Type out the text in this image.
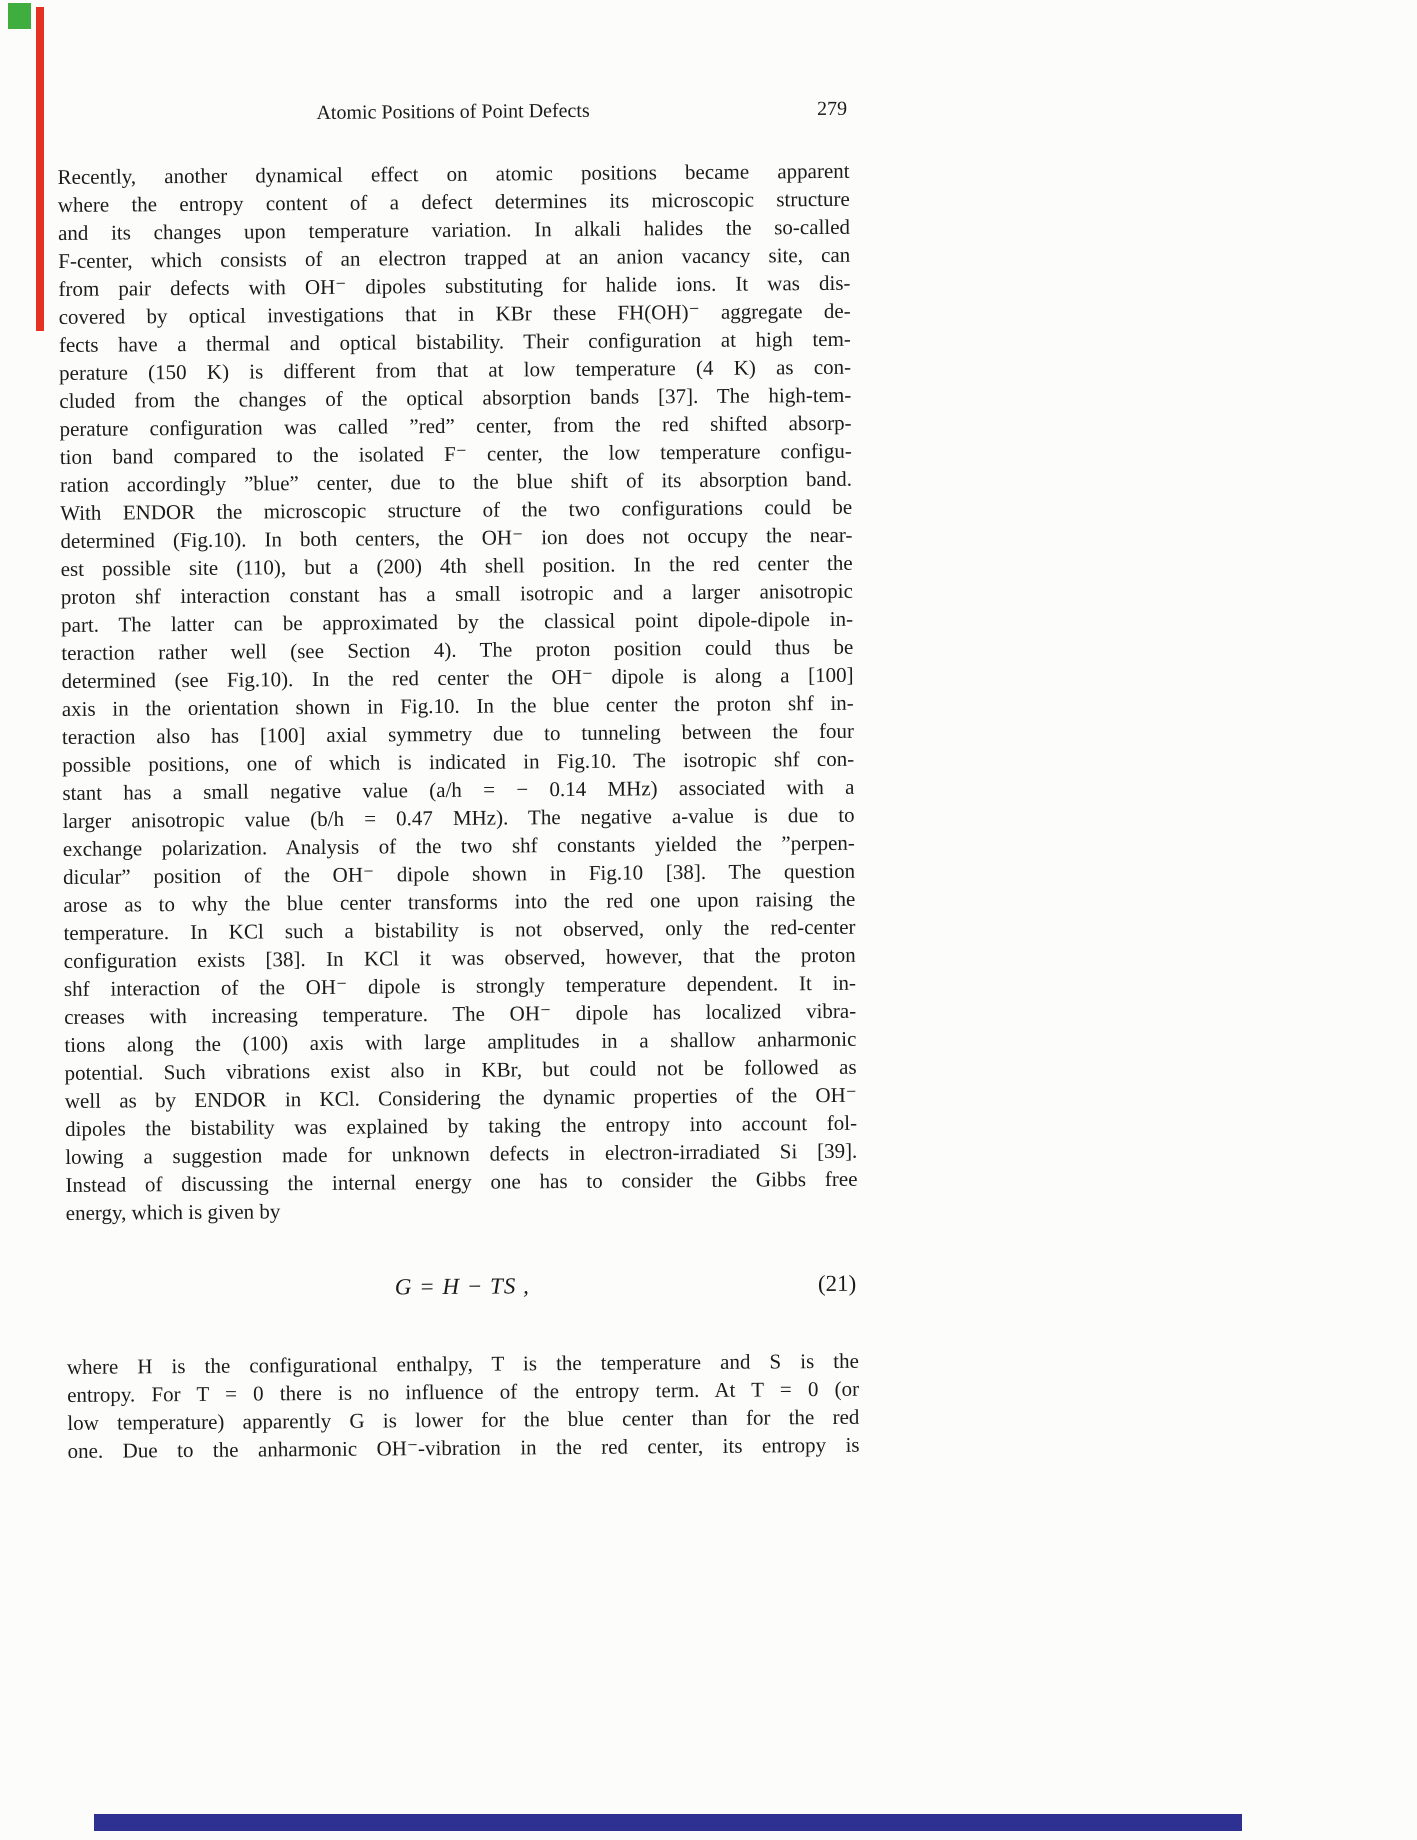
Atomic Positions of Point Defects	279
Recently, another dynamical effect on atomic positions became apparent
where the entropy content of a defect determines its microscopic structure
and its changes upon temperature variation. In alkali halides the so-called
F-center, which consists of an electron trapped at an anion vacancy site, can
from pair defects with OH⁻ dipoles substituting for halide ions. It was dis-
covered by optical investigations that in KBr these FH(OH)⁻ aggregate de-
fects have a thermal and optical bistability. Their configuration at high tem-
perature (150 K) is different from that at low temperature (4 K) as con-
cluded from the changes of the optical absorption bands [37]. The high-tem-
perature configuration was called ”red” center, from the red shifted absorp-
tion band compared to the isolated F⁻ center, the low temperature configu-
ration accordingly ”blue” center, due to the blue shift of its absorption band.
With ENDOR the microscopic structure of the two configurations could be
determined (Fig.10). In both centers, the OH⁻ ion does not occupy the near-
est possible site (110), but a (200) 4th shell position. In the red center the
proton shf interaction constant has a small isotropic and a larger anisotropic
part. The latter can be approximated by the classical point dipole-dipole in-
teraction rather well (see Section 4). The proton position could thus be
determined (see Fig.10). In the red center the OH⁻ dipole is along a [100]
axis in the orientation shown in Fig.10. In the blue center the proton shf in-
teraction also has [100] axial symmetry due to tunneling between the four
possible positions, one of which is indicated in Fig.10. The isotropic shf con-
stant has a small negative value (a/h = − 0.14 MHz) associated with a
larger anisotropic value (b/h = 0.47 MHz). The negative a-value is due to
exchange polarization. Analysis of the two shf constants yielded the ”perpen-
dicular” position of the OH⁻ dipole shown in Fig.10 [38]. The question
arose as to why the blue center transforms into the red one upon raising the
temperature. In KCl such a bistability is not observed, only the red-center
configuration exists [38]. In KCl it was observed, however, that the proton
shf interaction of the OH⁻ dipole is strongly temperature dependent. It in-
creases with increasing temperature. The OH⁻ dipole has localized vibra-
tions along the (100) axis with large amplitudes in a shallow anharmonic
potential. Such vibrations exist also in KBr, but could not be followed as
well as by ENDOR in KCl. Considering the dynamic properties of the OH⁻
dipoles the bistability was explained by taking the entropy into account fol-
lowing a suggestion made for unknown defects in electron-irradiated Si [39].
Instead of discussing the internal energy one has to consider the Gibbs free
energy, which is given by
G = H − TS ,	(21)
where H is the configurational enthalpy, T is the temperature and S is the
entropy. For T = 0 there is no influence of the entropy term. At T = 0 (or
low temperature) apparently G is lower for the blue center than for the red
one. Due to the anharmonic OH⁻-vibration in the red center, its entropy is
